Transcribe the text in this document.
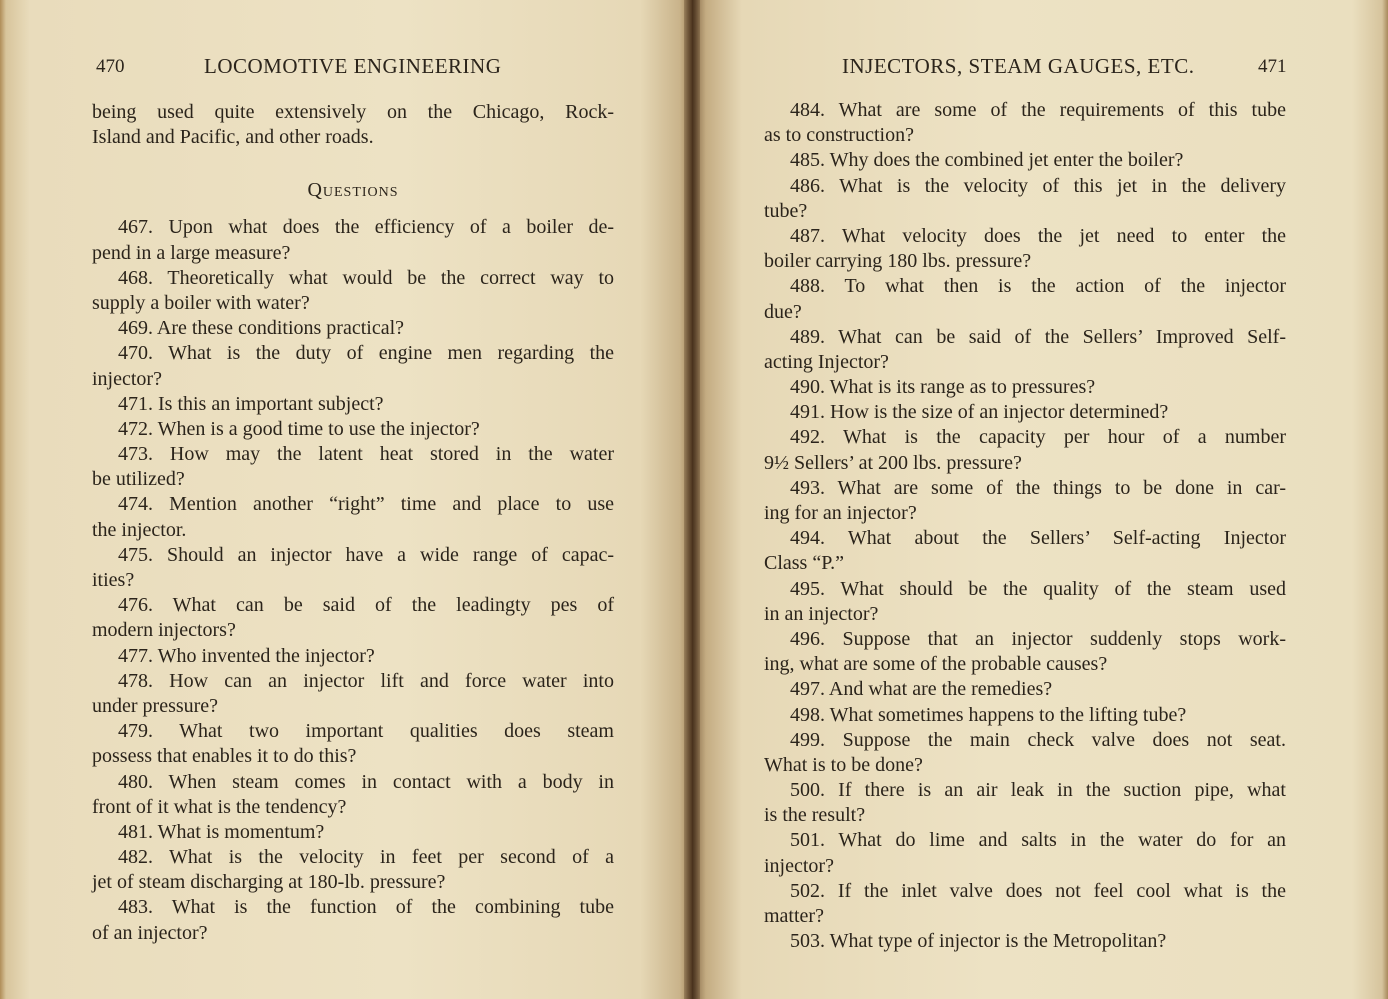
470	LOCOMOTIVE ENGINEERING
being used quite extensively on the Chicago, Rock-
Island and Pacific, and other roads.
Questions
467. Upon what does the efficiency of a boiler de-
pend in a large measure?
468. Theoretically what would be the correct way to
supply a boiler with water?
469. Are these conditions practical?
470. What is the duty of engine men regarding the
injector?
471. Is this an important subject?
472. When is a good time to use the injector?
473. How may the latent heat stored in the water
be utilized?
474. Mention another “right” time and place to use
the injector.
475. Should an injector have a wide range of capac-
ities?
476. What can be said of the leadingty pes of
modern injectors?
477. Who invented the injector?
478. How can an injector lift and force water into
under pressure?
479. What two important qualities does steam
possess that enables it to do this?
480. When steam comes in contact with a body in
front of it what is the tendency?
481. What is momentum?
482. What is the velocity in feet per second of a
jet of steam discharging at 180-lb. pressure?
483. What is the function of the combining tube
of an injector?
INJECTORS, STEAM GAUGES, ETC.	471
484. What are some of the requirements of this tube
as to construction?
485. Why does the combined jet enter the boiler?
486. What is the velocity of this jet in the delivery
tube?
487. What velocity does the jet need to enter the
boiler carrying 180 lbs. pressure?
488. To what then is the action of the injector
due?
489. What can be said of the Sellers’ Improved Self-
acting Injector?
490. What is its range as to pressures?
491. How is the size of an injector determined?
492. What is the capacity per hour of a number
9½ Sellers’ at 200 lbs. pressure?
493. What are some of the things to be done in car-
ing for an injector?
494. What about the Sellers’ Self-acting Injector
Class “P.”
495. What should be the quality of the steam used
in an injector?
496. Suppose that an injector suddenly stops work-
ing, what are some of the probable causes?
497. And what are the remedies?
498. What sometimes happens to the lifting tube?
499. Suppose the main check valve does not seat.
What is to be done?
500. If there is an air leak in the suction pipe, what
is the result?
501. What do lime and salts in the water do for an
injector?
502. If the inlet valve does not feel cool what is the
matter?
503. What type of injector is the Metropolitan?
